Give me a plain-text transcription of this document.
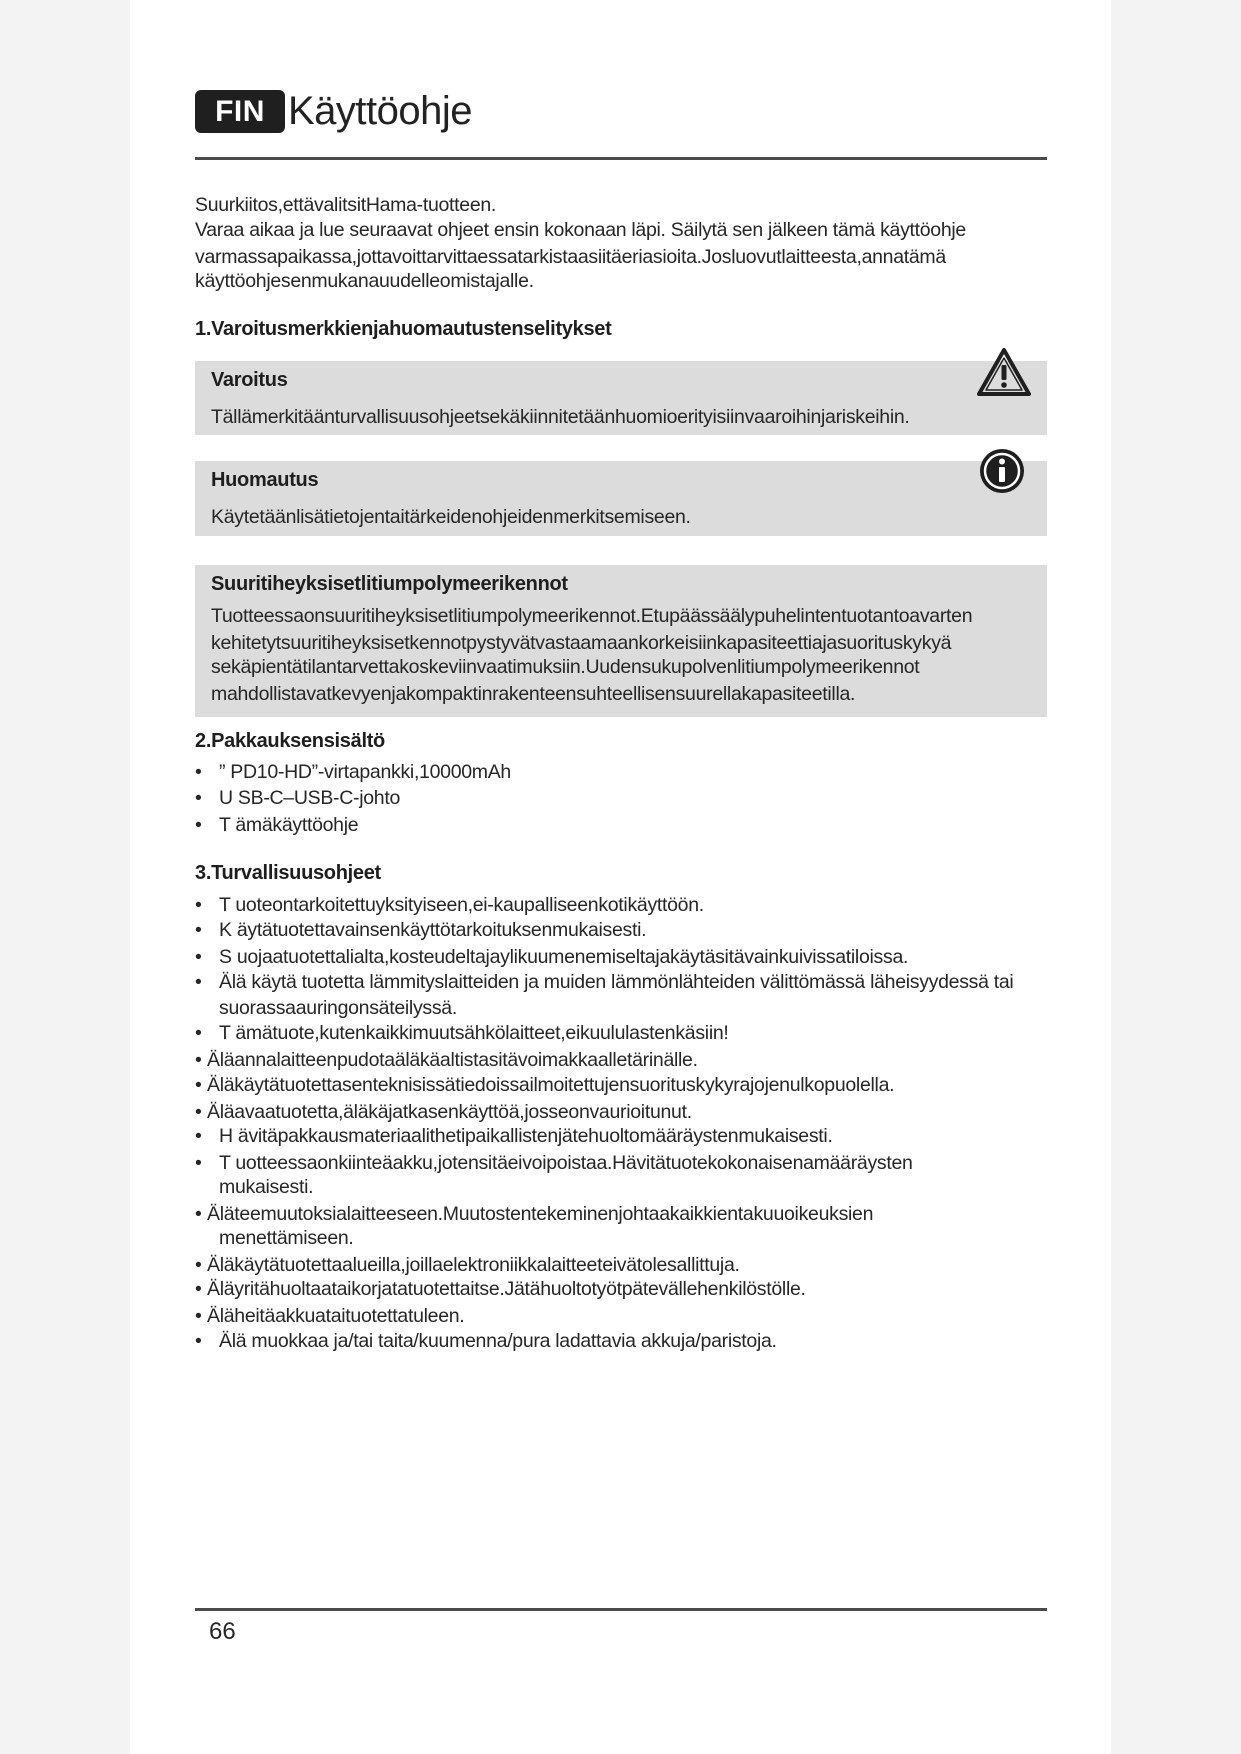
FIN Käyttöohje
Suurkiitos,ettävalitsitHama-tuotteen.
Varaa aikaa ja lue seuraavat ohjeet ensin kokonaan läpi. Säilytä sen jälkeen tämä käyttöohje
varmassapaikassa,jottavoittarvittaessatarkistaasiitäeriasioita.Josluovutlaitteesta,annatämä
käyttöohjesenmukanauudelleomistajalle.
1.Varoitusmerkkienjahuomautustenselitykset
Varoitus
Tällämerkitäänturvallisuusohjeetsekäkiinnitetäänhuomioerityisiinvaaroihinjariskeihin.
Huomautus
Käytetäänlisätietojentaitärkeidenohjeidenmerkitsemiseen.
Suuritiheyksisetlitiumpolymeerikennot
Tuotteessaonsuuritiheyksisetlitiumpolymeerikennot.Etupäässäälypuhelintentuotantoavarten
kehitetytsuuritiheyksisetkennotpystyvätvastaamaankorkeisiinkapasiteettiajasuorituskykyä
sekäpientätilantarvettakoskeviinvaatimuksiin.Uudensukupolvenlitiumpolymeerikennot
mahdollistavatkevyenjakompaktinrakenteensuhteellisensuurellakapasiteetilla.
2.Pakkauksensisältö
• ” PD10-HD”-virtapankki,10000mAh
• U SB-C–USB-C-johto
• T ämäkäyttöohje
3.Turvallisuusohjeet
• T uoteontarkoitettuyksityiseen,ei-kaupalliseenkotikäyttöön.
• K äytätuotettavainsenkäyttötarkoituksenmukaisesti.
• S uojaatuotettalialta,kosteudeltajaylikuumenemiseltajakäytäsitävainkuivissatiloissa.
• Älä käytä tuotetta lämmityslaitteiden ja muiden lämmönlähteiden välittömässä läheisyydessä tai
suorassaauringonsäteilyssä.
• T ämätuote,kutenkaikkimuutsähkölaitteet,eikuululastenkäsiin!
• Äläannalaitteenpudotaäläkäaltistasitävoimakkaalletärinälle.
• Äläkäytätuotettasenteknisissätiedoissailmoitettujensuorituskykyrajojenulkopuolella.
• Äläavaatuotetta,äläkäjatkasenkäyttöä,josseonvaurioitunut.
• H ävitäpakkausmateriaalithetipaikallistenjätehuoltomääräystenmukaisesti.
• T uotteessaonkiinteäakku,jotensitäeivoipoistaa.Hävitätuotekokonaisenamääräysten
mukaisesti.
• Äläteemuutoksialaitteeseen.Muutostentekeminenjohtaakaikkientakuuoikeuksien
menettämiseen.
• Äläkäytätuotettaalueilla,joillaelektroniikkalaitteeteivätolesallittuja.
• Äläyritähuoltaataikorjatatuotettaitse.Jätähuoltotyötpätevällehenkilöstölle.
• Äläheitäakkuataituotettatuleen.
• Älä muokkaa ja/tai taita/kuumenna/pura ladattavia akkuja/paristoja.
66
